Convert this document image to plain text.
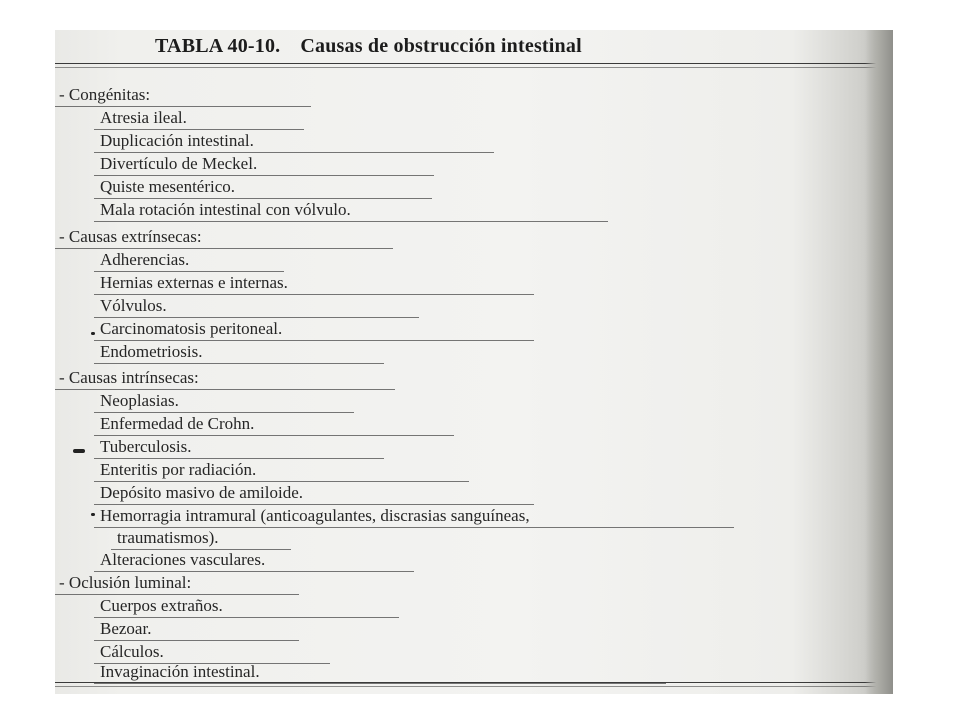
TABLA 40-10. Causas de obstrucción intestinal
- Congénitas:
Atresia ileal.
Duplicación intestinal.
Divertículo de Meckel.
Quiste mesentérico.
Mala rotación intestinal con vólvulo.
- Causas extrínsecas:
Adherencias.
Hernias externas e internas.
Vólvulos.
Carcinomatosis peritoneal.
Endometriosis.
- Causas intrínsecas:
Neoplasias.
Enfermedad de Crohn.
Tuberculosis.
Enteritis por radiación.
Depósito masivo de amiloide.
Hemorragia intramural (anticoagulantes, discrasias sanguíneas,
traumatismos).
Alteraciones vasculares.
- Oclusión luminal:
Cuerpos extraños.
Bezoar.
Cálculos.
Invaginación intestinal.
